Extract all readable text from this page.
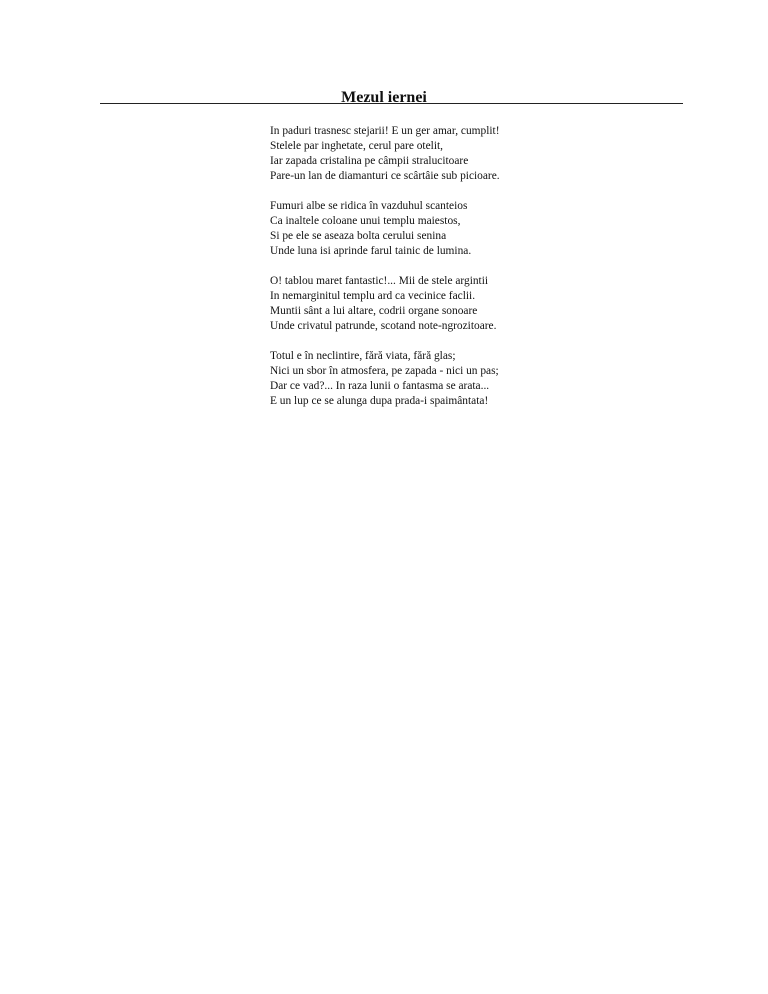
Mezul iernei
In paduri trasnesc stejarii! E un ger amar, cumplit!
Stelele par inghetate, cerul pare otelit,
Iar zapada cristalina pe câmpii stralucitoare
Pare-un lan de diamanturi ce scârtâie sub picioare.
Fumuri albe se ridica în vazduhul scanteios
Ca inaltele coloane unui templu maiestos,
Si pe ele se aseaza bolta cerului senina
Unde luna isi aprinde farul tainic de lumina.
O! tablou maret fantastic!... Mii de stele argintii
In nemarginitul templu ard ca vecinice faclii.
Muntii sânt a lui altare, codrii organe sonoare
Unde crivatul patrunde, scotand note-ngrozitoare.
Totul e în neclintire, fără viata, fără glas;
Nici un sbor în atmosfera, pe zapada - nici un pas;
Dar ce vad?... In raza lunii o fantasma se arata...
E un lup ce se alunga dupa prada-i spaimântata!
